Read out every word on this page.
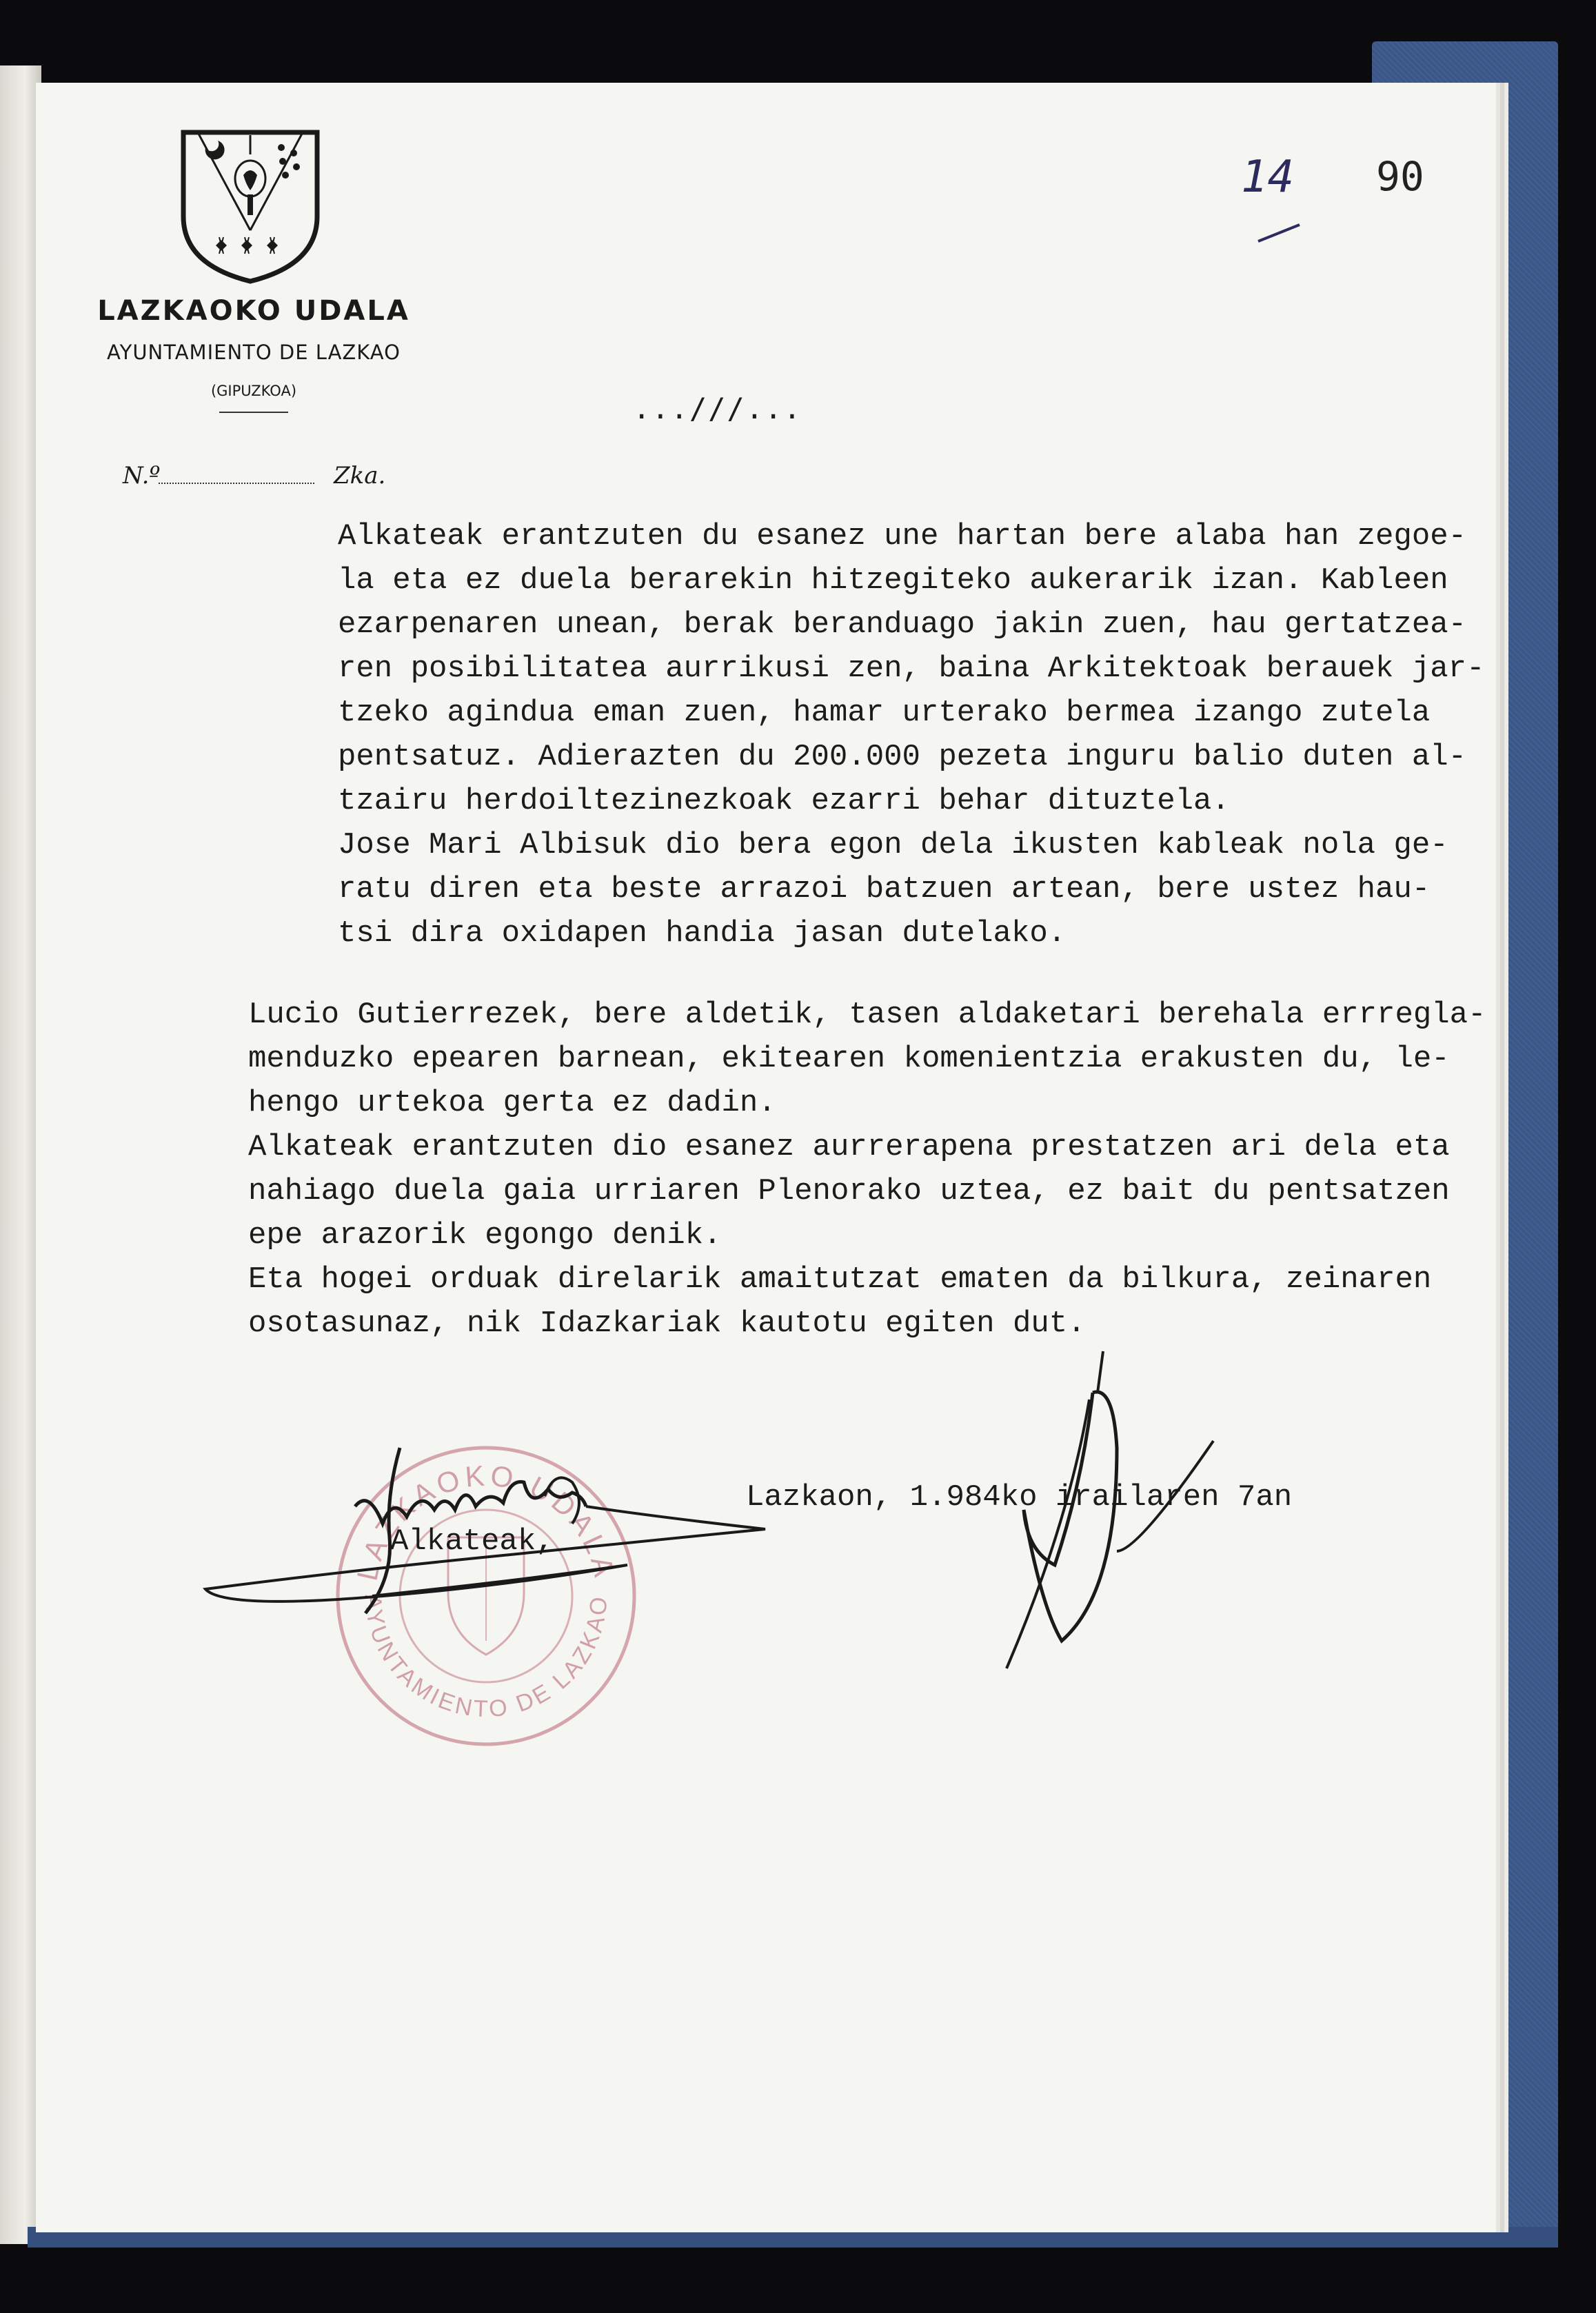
LAZKAOKO UDALA
AYUNTAMIENTO DE LAZKAO
(GIPUZKOA)
N.º	Zka.
14 90
...///...
Alkateak erantzuten du esanez une hartan bere alaba han zegoe-
la eta ez duela berarekin hitzegiteko aukerarik izan. Kableen
ezarpenaren unean, berak beranduago jakin zuen, hau gertatzea-
ren posibilitatea aurrikusi zen, baina Arkitektoak berauek jar-
tzeko agindua eman zuen, hamar urterako bermea izango zutela
pentsatuz. Adierazten du 200.000 pezeta inguru balio duten al-
tzairu herdoiltezinezkoak ezarri behar dituztela.
Jose Mari Albisuk dio bera egon dela ikusten kableak nola ge-
ratu diren eta beste arrazoi batzuen artean, bere ustez hau-
tsi dira oxidapen handia jasan dutelako.
Lucio Gutierrezek, bere aldetik, tasen aldaketari berehala errregla-
menduzko epearen barnean, ekitearen komenientzia erakusten du, le-
hengo urtekoa gerta ez dadin.
Alkateak erantzuten dio esanez aurrerapena prestatzen ari dela eta
nahiago duela gaia urriaren Plenorako uztea, ez bait du pentsatzen
epe arazorik egongo denik.
Eta hogei orduak direlarik amaitutzat ematen da bilkura, zeinaren
osotasunaz, nik Idazkariak kautotu egiten dut.
LAZKAOKO UDALA
AYUNTAMIENTO DE LAZKAO
Lazkaon, 1.984ko irailaren 7an
Alkateak,
